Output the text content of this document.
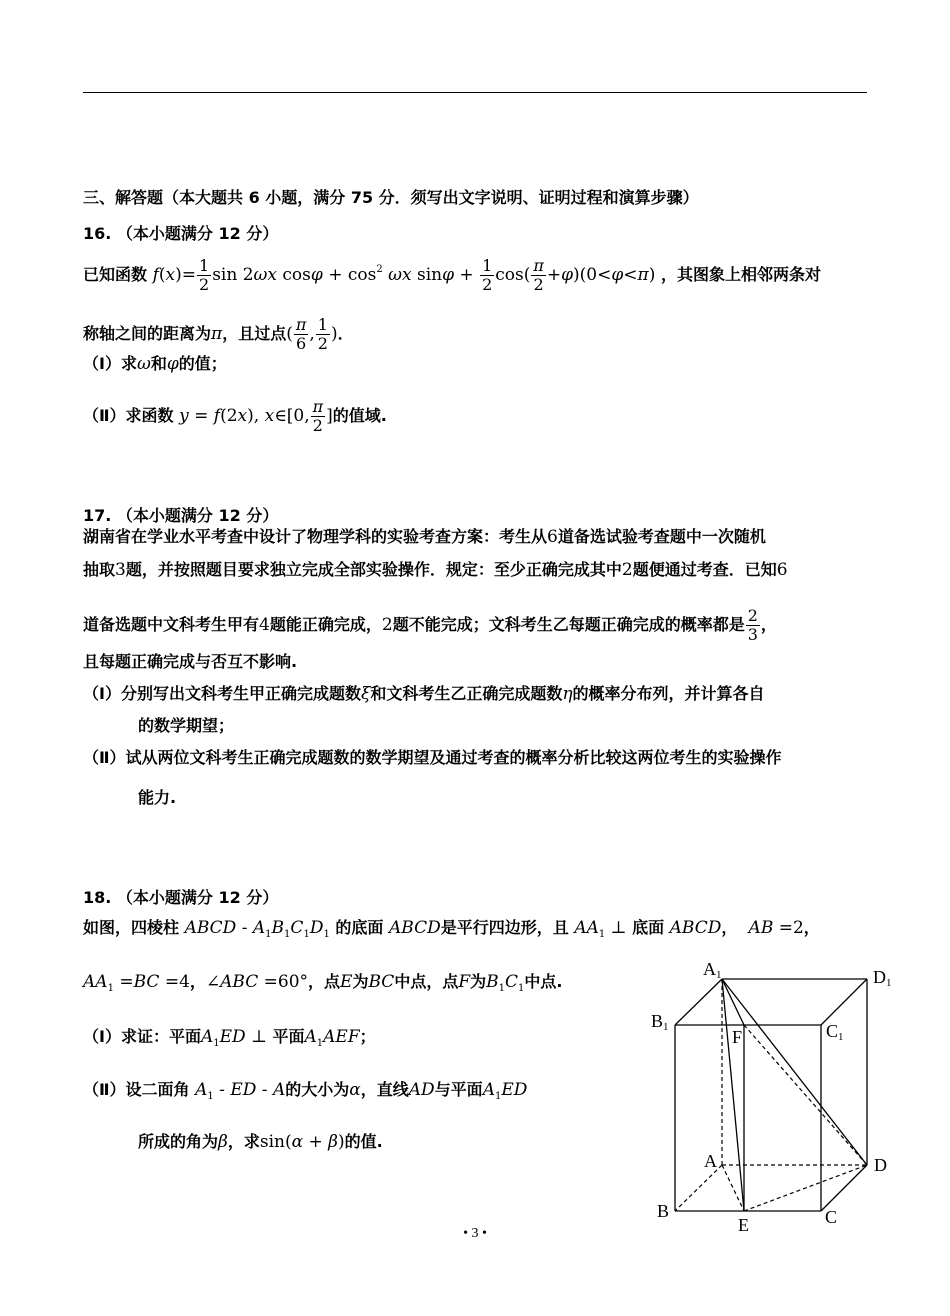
三、解答题（本大题共 6 小题，满分 75 分．须写出文字说明、证明过程和演算步骤）
16. （本小题满分 12 分）
已知函数 $f(x)= \frac{1}{2}$ sin 2ωx $\cos\varphi + \cos^2 \omega x$ $\sin\varphi + \frac{1}{2} \cos( \frac{\pi}{2} +\varphi)(0<\varphi<\pi)$ ，其图象上相邻两条对
称轴之间的距离为π，且过点( $\frac{\pi}{6}$ , $\frac{1}{2}$ )．
（Ⅰ）求ω和φ的值；
（Ⅱ）求函数 y = f(2x), x∈[0, $\frac{\pi}{2}$ ]的值域.
17. （本小题满分 12 分）
湖南省在学业水平考查中设计了物理学科的实验考查方案：考生从6道备选试验考查题中一次随机
抽取3题，并按照题目要求独立完成全部实验操作．规定：至少正确完成其中2题便通过考查．已知6
道备选题中文科考生甲有4题能正确完成，2题不能完成；文科考生乙每题正确完成的概率都是 $\frac{2}{3}$ ，
且每题正确完成与否互不影响.
（Ⅰ）分别写出文科考生甲正确完成题数ξ和文科考生乙正确完成题数η的概率分布列，并计算各自
的数学期望；
（Ⅱ）试从两位文科考生正确完成题数的数学期望及通过考查的概率分析比较这两位考生的实验操作
能力.
18. （本小题满分 12 分）
如图，四棱柱 ABCD - $A_1B_1C_1D_1$ 的底面 ABCD是平行四边形，且 $AA_1$ ⊥ 底面 ABCD， AB =2，
$AA_1 =BC =4$，∠ABC =60°，点E为BC中点，点F为$B_1C_1$中点.
（Ⅰ）求证：平面$A_1ED$ ⊥ 平面$A_1AEF$；
（Ⅱ）设二面角 $A_1$ - ED - A的大小为α，直线AD与平面$A_1ED$
所成的角为β，求sin(α + β)的值.
A1	D1
B1	F	C1
A	D
B
E	C
• 3 •
